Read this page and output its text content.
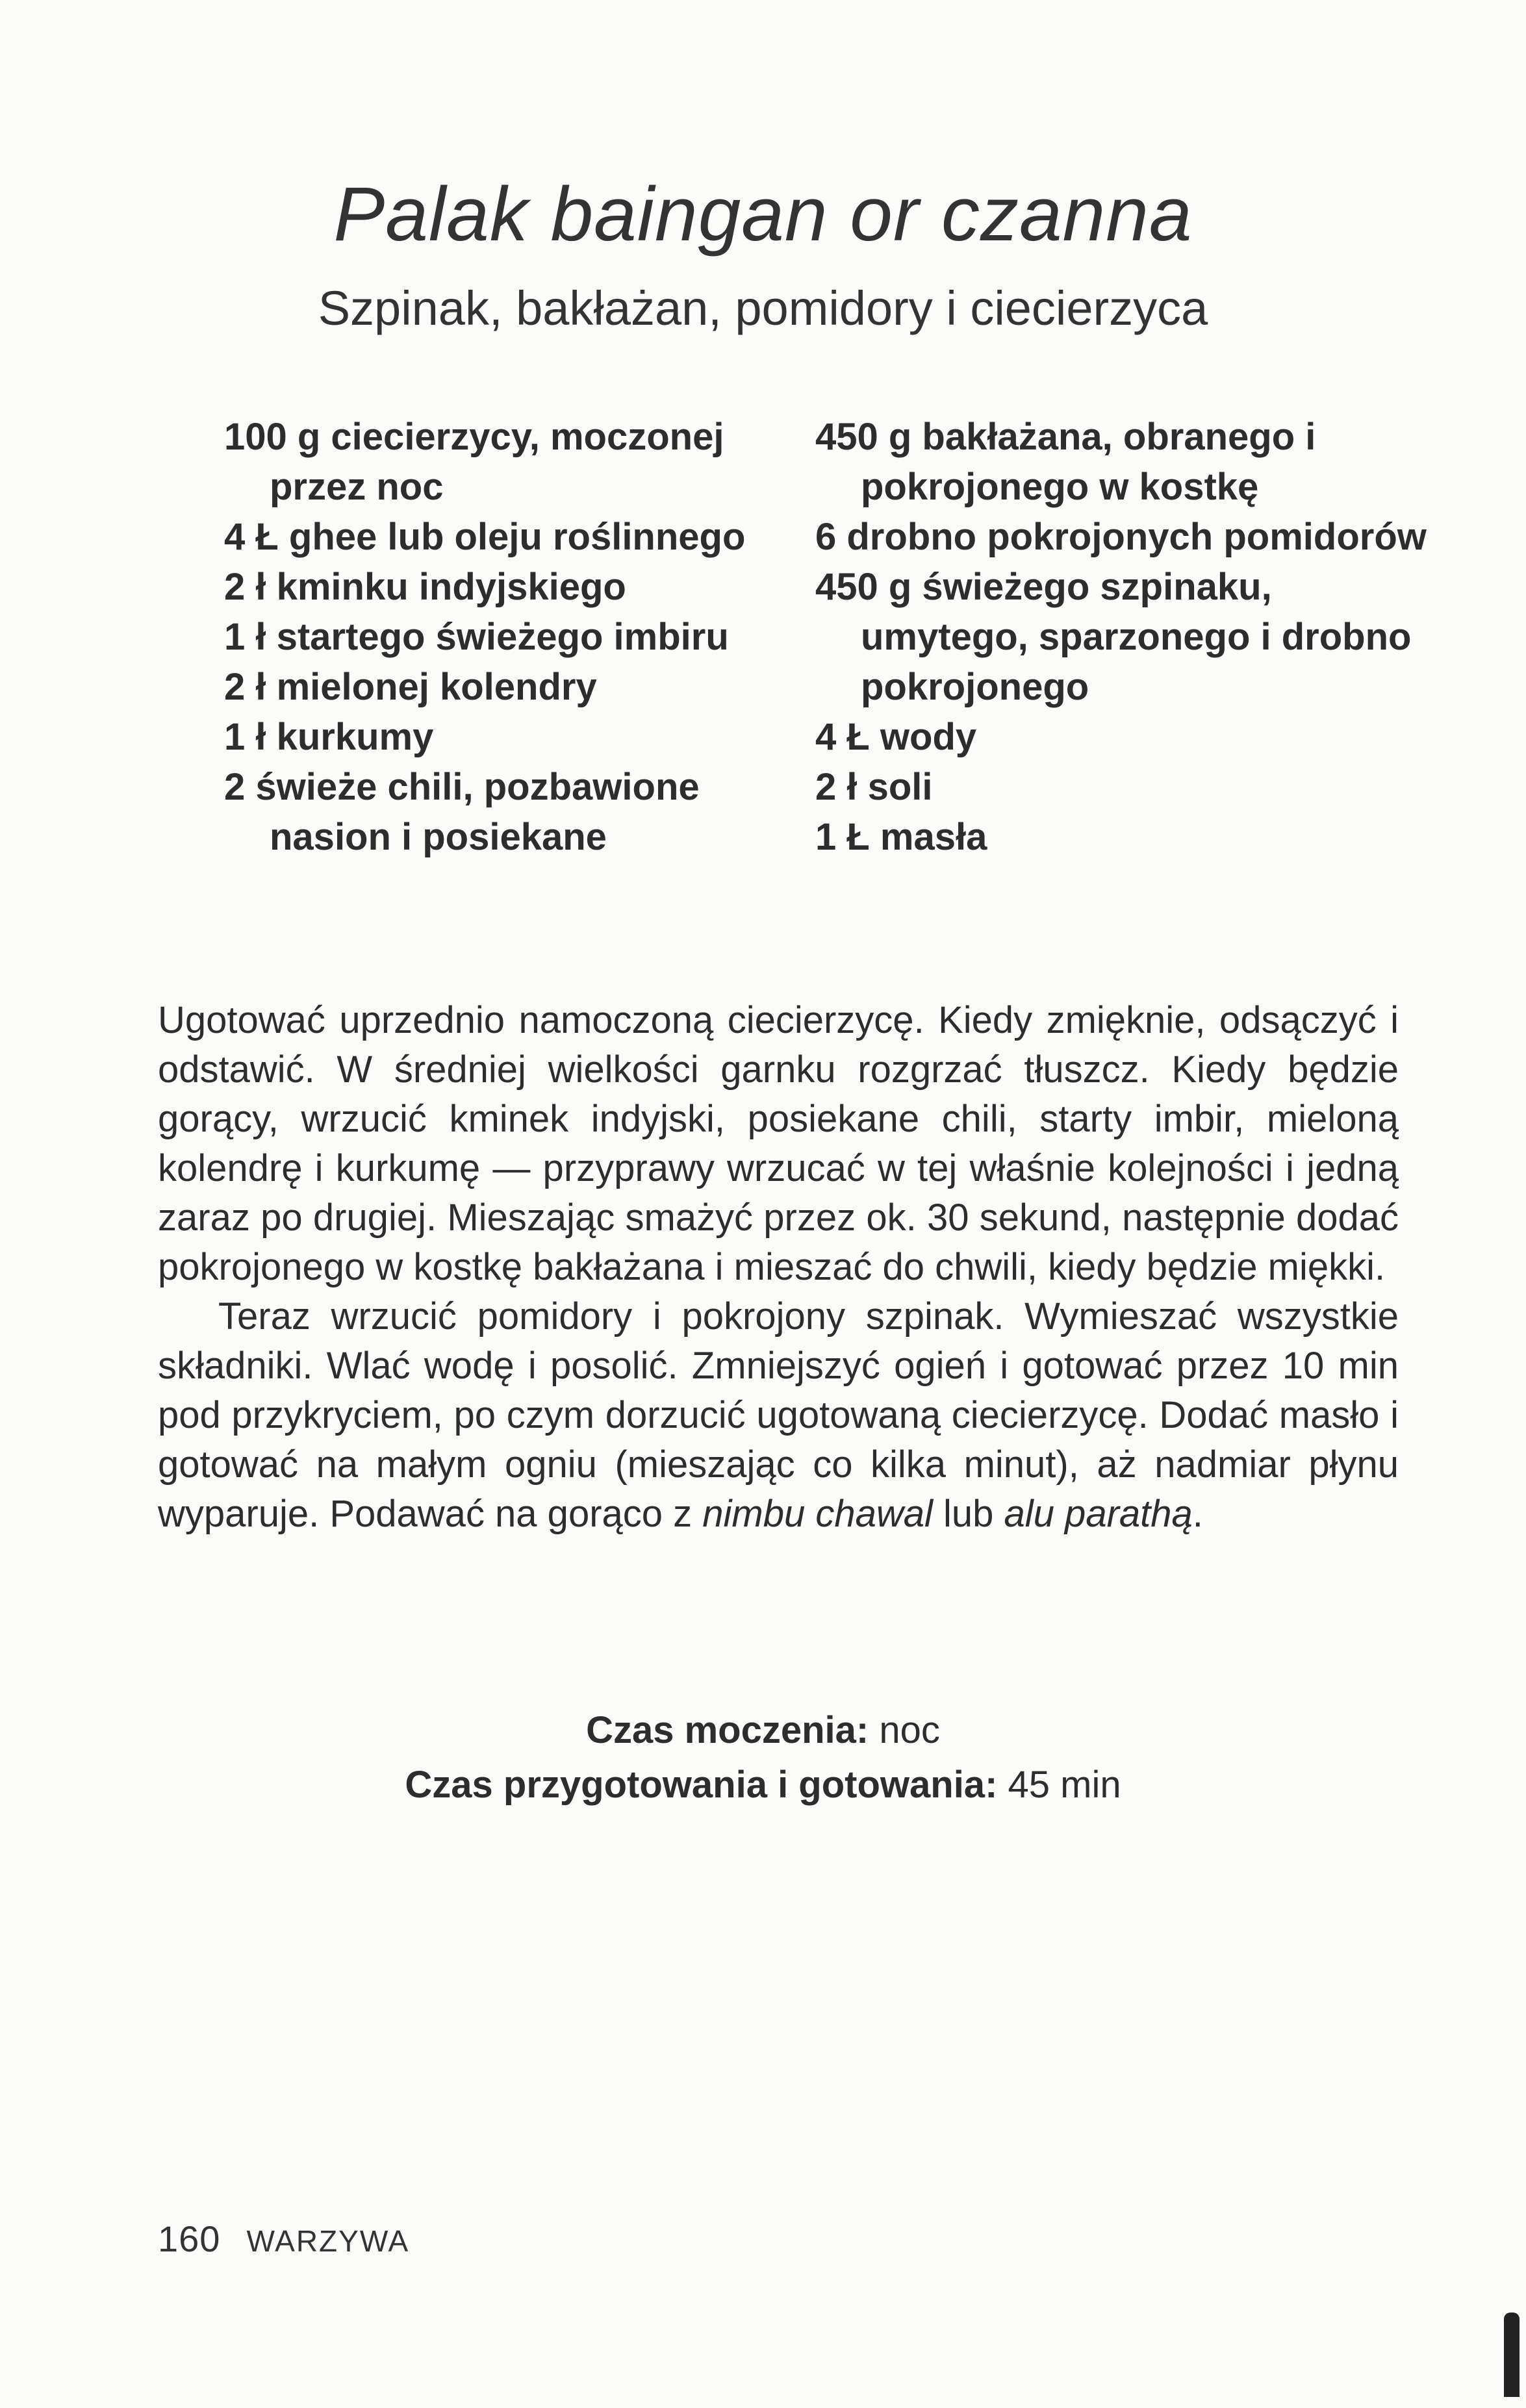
Palak baingan or czanna
Szpinak, bakłażan, pomidory i ciecierzyca

100 g ciecierzycy, moczonej przez noc

4 Ł ghee lub oleju roślinnego

2 ł kminku indyjskiego

1 ł startego świeżego imbiru

2 ł mielonej kolendry

1 ł kurkumy

2 świeże chili, pozbawione nasion i posiekane

450 g bakłażana, obranego i pokrojonego w kostkę

6 drobno pokrojonych pomidorów

450 g świeżego szpinaku, umytego, sparzonego i drobno pokrojonego

4 Ł wody

2 ł soli

1 Ł masła

Ugotować uprzednio namoczoną ciecierzycę. Kiedy zmięknie, odsączyć i odstawić. W średniej wielkości garnku rozgrzać tłuszcz. Kiedy będzie gorący, wrzucić kminek indyjski, posiekane chili, starty imbir, mieloną kolendrę i kurkumę — przyprawy wrzucać w tej właśnie kolejności i jedną zaraz po drugiej. Mieszając smażyć przez ok. 30 sekund, następnie dodać pokrojonego w kostkę bakłażana i mieszać do chwili, kiedy będzie miękki.

Teraz wrzucić pomidory i pokrojony szpinak. Wymieszać wszystkie składniki. Wlać wodę i posolić. Zmniejszyć ogień i gotować przez 10 min pod przykryciem, po czym dorzucić ugotowaną ciecierzycę. Dodać masło i gotować na małym ogniu (mieszając co kilka minut), aż nadmiar płynu wyparuje. Podawać na gorąco z nimbu chawal lub alu parathą.

Czas moczenia: noc
Czas przygotowania i gotowania: 45 min
160 WARZYWA
